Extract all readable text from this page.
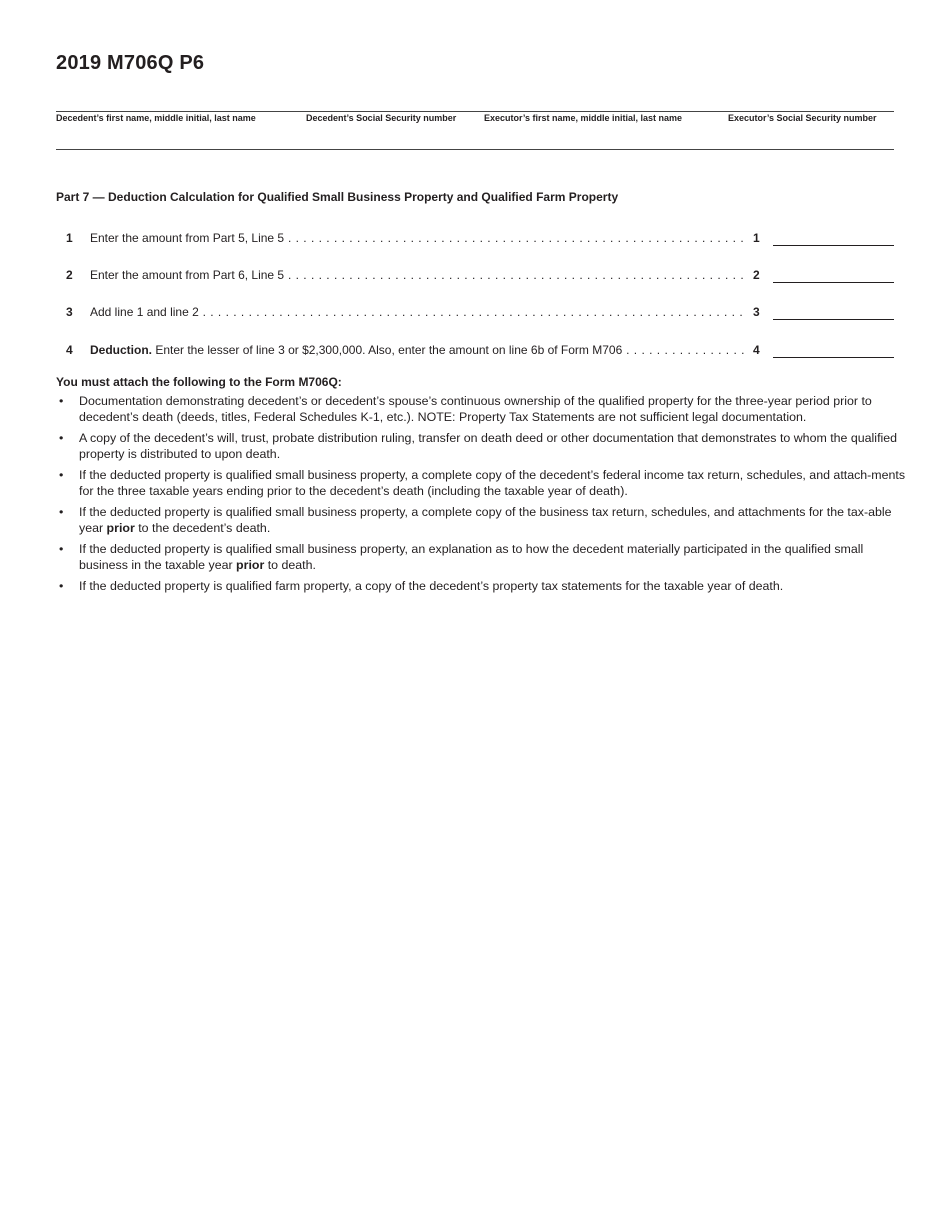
2019 M706Q P6
Decedent’s first name, middle initial, last name	Decedent’s Social Security number	Executor’s first name, middle initial, last name	Executor’s Social Security number
Part 7 — Deduction Calculation for Qualified Small Business Property and Qualified Farm Property
1 Enter the amount from Part 5, Line 5 . . .	1
2 Enter the amount from Part 6, Line 5 . . .	2
3 Add line 1 and line 2 . . .	3
4 Deduction. Enter the lesser of line 3 or $2,300,000. Also, enter the amount on line 6b of Form M706 . . .	4
You must attach the following to the Form M706Q:
• Documentation demonstrating decedent’s or decedent’s spouse’s continuous ownership of the qualified property for the three-year period prior to decedent’s death (deeds, titles, Federal Schedules K-1, etc.). NOTE: Property Tax Statements are not sufficient legal documentation.
• A copy of the decedent’s will, trust, probate distribution ruling, transfer on death deed or other documentation that demonstrates to whom the qualified property is distributed to upon death.
• If the deducted property is qualified small business property, a complete copy of the decedent’s federal income tax return, schedules, and attach-ments for the three taxable years ending prior to the decedent’s death (including the taxable year of death).
• If the deducted property is qualified small business property, a complete copy of the business tax return, schedules, and attachments for the tax-able year prior to the decedent’s death.
• If the deducted property is qualified small business property, an explanation as to how the decedent materially participated in the qualified small business in the taxable year prior to death.
• If the deducted property is qualified farm property, a copy of the decedent’s property tax statements for the taxable year of death.
